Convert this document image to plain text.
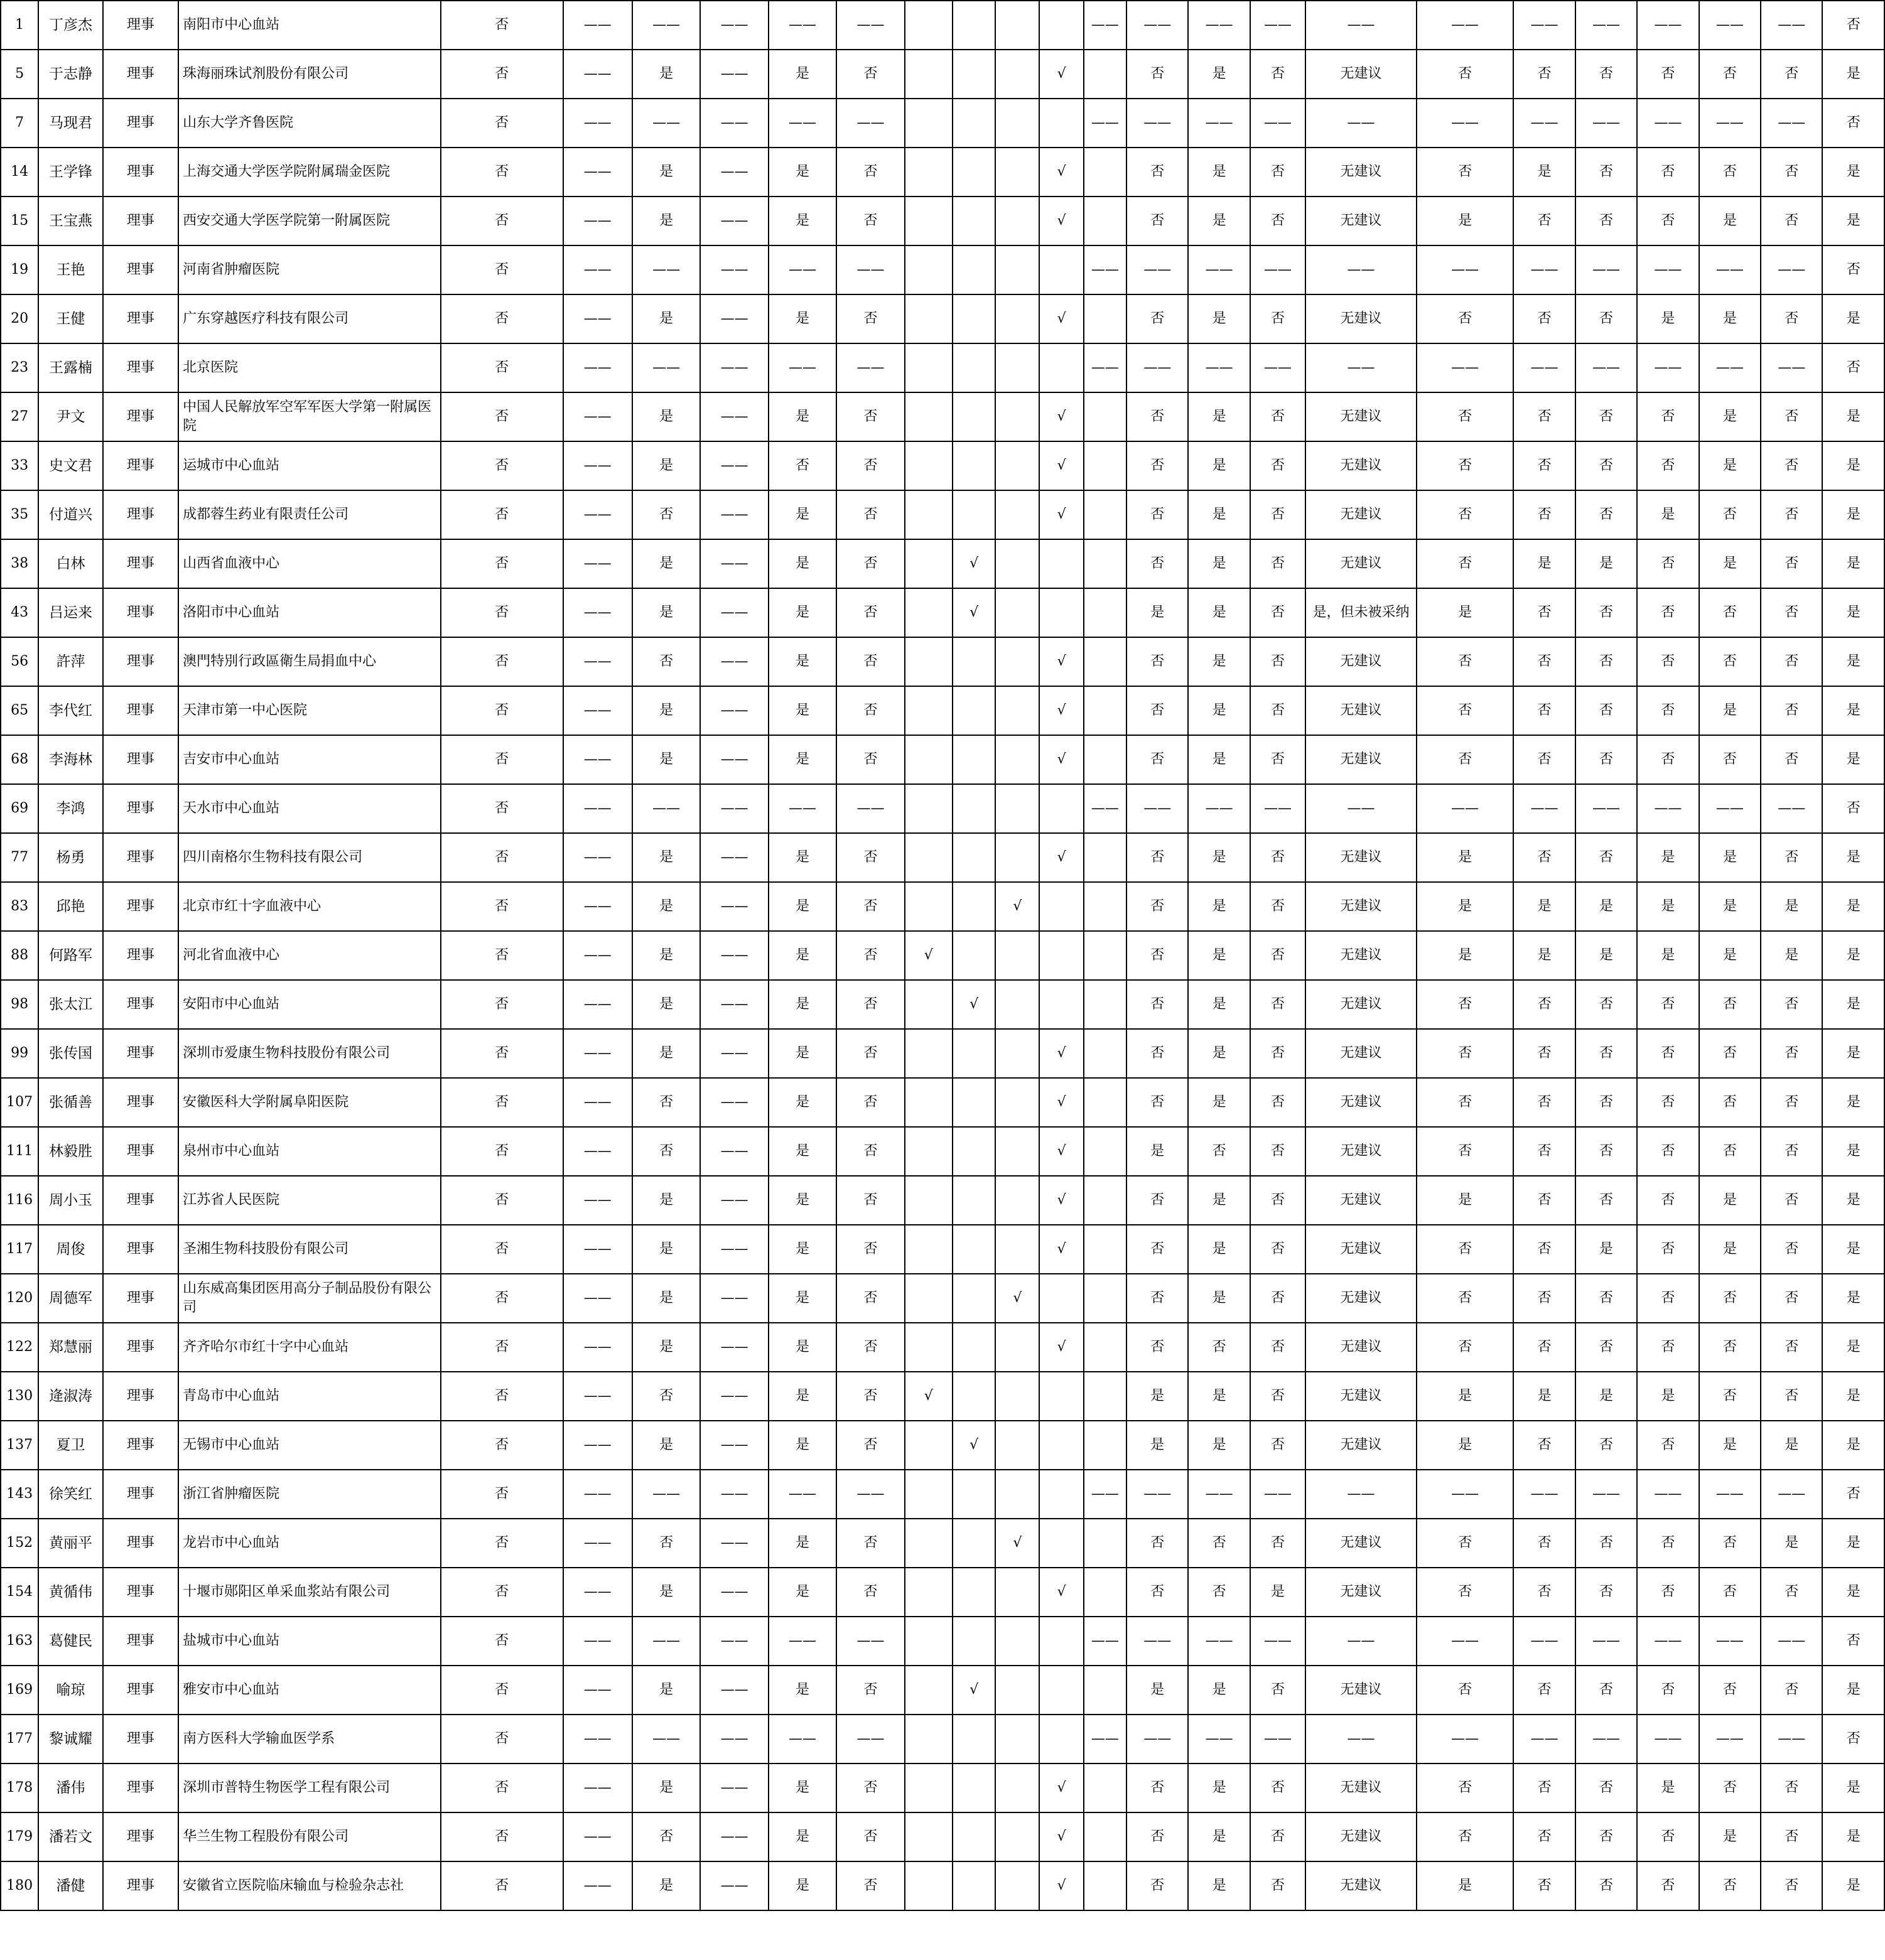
1	丁彦杰	理事	南阳市中心血站	否	——	——	——	——	——					——	——	——	——	——	——	——	——	——	——	——	否
5	于志静	理事	珠海丽珠试剂股份有限公司	否	——	是	——	是	否				√		否	是	否	无建议	否	否	否	否	否	否	是
7	马现君	理事	山东大学齐鲁医院	否	——	——	——	——	——					——	——	——	——	——	——	——	——	——	——	——	否
14	王学锋	理事	上海交通大学医学院附属瑞金医院	否	——	是	——	是	否				√		否	是	否	无建议	否	是	否	否	否	否	是
15	王宝燕	理事	西安交通大学医学院第一附属医院	否	——	是	——	是	否				√		否	是	否	无建议	是	否	否	否	是	否	是
19	王艳	理事	河南省肿瘤医院	否	——	——	——	——	——					——	——	——	——	——	——	——	——	——	——	——	否
20	王健	理事	广东穿越医疗科技有限公司	否	——	是	——	是	否				√		否	是	否	无建议	否	否	否	是	是	否	是
23	王露楠	理事	北京医院	否	——	——	——	——	——					——	——	——	——	——	——	——	——	——	——	——	否
27	尹文	理事	中国人民解放军空军军医大学第一附属医院	否	——	是	——	是	否				√		否	是	否	无建议	否	否	否	否	是	否	是
33	史文君	理事	运城市中心血站	否	——	是	——	否	否				√		否	是	否	无建议	否	否	否	否	是	否	是
35	付道兴	理事	成都蓉生药业有限责任公司	否	——	否	——	是	否				√		否	是	否	无建议	否	否	否	是	否	否	是
38	白林	理事	山西省血液中心	否	——	是	——	是	否		√				否	是	否	无建议	否	是	是	否	是	否	是
43	吕运来	理事	洛阳市中心血站	否	——	是	——	是	否		√				是	是	否	是，但未被采纳	是	否	否	否	否	否	是
56	許萍	理事	澳門特別行政區衛生局捐血中心	否	——	否	——	是	否				√		否	是	否	无建议	否	否	否	否	否	否	是
65	李代红	理事	天津市第一中心医院	否	——	是	——	是	否				√		否	是	否	无建议	否	否	否	否	是	否	是
68	李海林	理事	吉安市中心血站	否	——	是	——	是	否				√		否	是	否	无建议	否	否	否	否	否	否	是
69	李鸿	理事	天水市中心血站	否	——	——	——	——	——					——	——	——	——	——	——	——	——	——	——	——	否
77	杨勇	理事	四川南格尔生物科技有限公司	否	——	是	——	是	否				√		否	是	否	无建议	是	否	否	是	是	否	是
83	邱艳	理事	北京市红十字血液中心	否	——	是	——	是	否			√			否	是	否	无建议	是	是	是	是	是	是	是
88	何路军	理事	河北省血液中心	否	——	是	——	是	否	√					否	是	否	无建议	是	是	是	是	是	是	是
98	张太江	理事	安阳市中心血站	否	——	是	——	是	否		√				否	是	否	无建议	否	否	否	否	否	否	是
99	张传国	理事	深圳市爱康生物科技股份有限公司	否	——	是	——	是	否				√		否	是	否	无建议	否	否	否	否	否	否	是
107	张循善	理事	安徽医科大学附属阜阳医院	否	——	否	——	是	否				√		否	是	否	无建议	否	否	否	否	否	否	是
111	林毅胜	理事	泉州市中心血站	否	——	否	——	是	否				√		是	否	否	无建议	否	否	否	否	否	否	是
116	周小玉	理事	江苏省人民医院	否	——	是	——	是	否				√		否	是	否	无建议	是	否	否	否	是	否	是
117	周俊	理事	圣湘生物科技股份有限公司	否	——	是	——	是	否				√		否	是	否	无建议	否	否	是	否	是	否	是
120	周德军	理事	山东威高集团医用高分子制品股份有限公司	否	——	是	——	是	否			√			否	是	否	无建议	否	否	否	否	否	否	是
122	郑慧丽	理事	齐齐哈尔市红十字中心血站	否	——	是	——	是	否				√		否	否	否	无建议	否	否	否	否	否	否	是
130	逄淑涛	理事	青岛市中心血站	否	——	否	——	是	否	√					是	是	否	无建议	是	是	是	是	否	否	是
137	夏卫	理事	无锡市中心血站	否	——	是	——	是	否		√				是	是	否	无建议	是	否	否	否	是	是	是
143	徐笑红	理事	浙江省肿瘤医院	否	——	——	——	——	——					——	——	——	——	——	——	——	——	——	——	——	否
152	黄丽平	理事	龙岩市中心血站	否	——	否	——	是	否			√			否	否	否	无建议	否	否	否	否	否	是	是
154	黄循伟	理事	十堰市郧阳区单采血浆站有限公司	否	——	是	——	是	否				√		否	否	是	无建议	否	否	否	否	否	否	是
163	葛健民	理事	盐城市中心血站	否	——	——	——	——	——					——	——	——	——	——	——	——	——	——	——	——	否
169	喻琼	理事	雅安市中心血站	否	——	是	——	是	否		√				是	是	否	无建议	否	否	否	否	否	否	是
177	黎诚耀	理事	南方医科大学输血医学系	否	——	——	——	——	——					——	——	——	——	——	——	——	——	——	——	——	否
178	潘伟	理事	深圳市普特生物医学工程有限公司	否	——	是	——	是	否				√		否	是	否	无建议	否	否	否	是	否	否	是
179	潘若文	理事	华兰生物工程股份有限公司	否	——	否	——	是	否				√		否	是	否	无建议	否	否	否	否	是	否	是
180	潘健	理事	安徽省立医院临床输血与检验杂志社	否	——	是	——	是	否				√		否	是	否	无建议	是	否	否	否	否	否	是
